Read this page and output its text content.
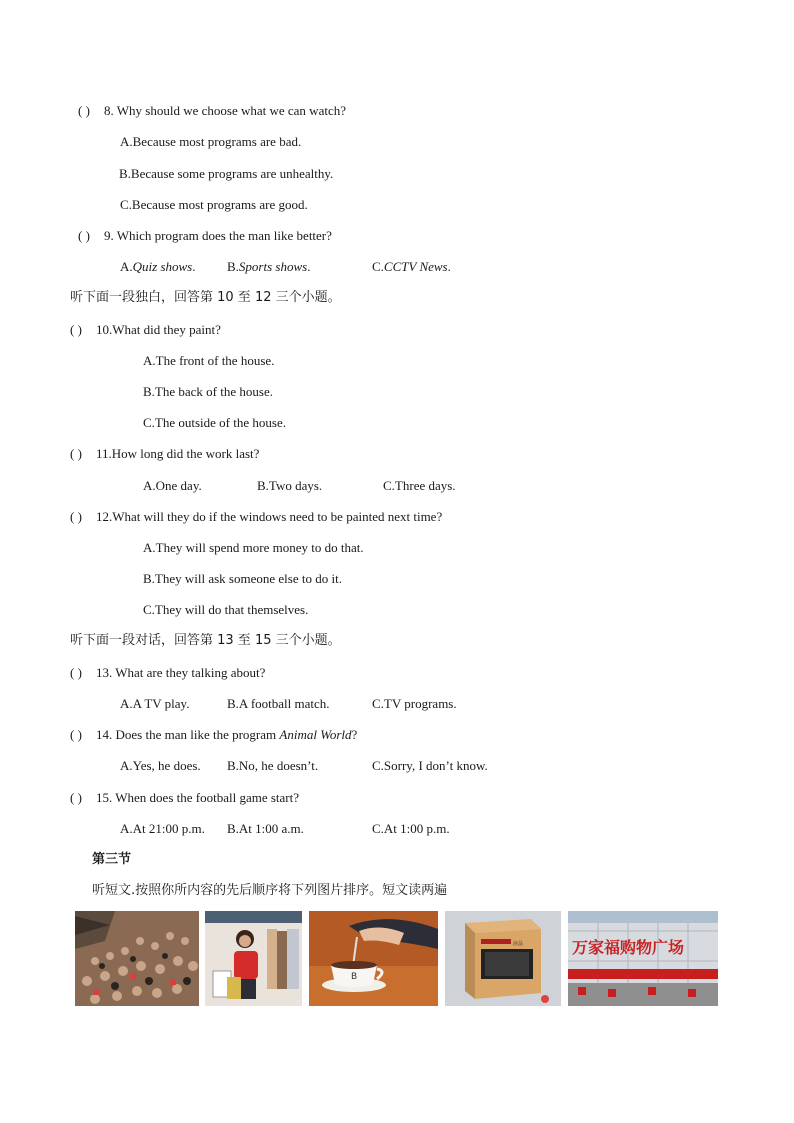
( ) 8. Why should we choose what we can watch?
A.Because most programs are bad.
B.Because some programs are unhealthy.
C.Because most programs are good.
( ) 9. Which program does the man like better?
A.Quiz shows. B.Sports shows.	C.CCTV News.
听下面一段独白，回答第 10 至 12 三个小题。
( ) 10.What did they paint?
A.The front of the house.
B.The back of the house.
C.The outside of the house.
( ) 11.How long did the work last?
A.One day.	B.Two days.	C.Three days.
( ) 12.What will they do if the windows need to be painted next time?
A.They will spend more money to do that.
B.They will ask someone else to do it.
C.They will do that themselves.
听下面一段对话，回答第 13 至 15 三个小题。
( ) 13. What are they talking about?
A.A TV play.	B.A football match.	C.TV programs.
( ) 14. Does the man like the program Animal World?
A.Yes, he does. B.No, he doesn’t.	C.Sorry, I don’t know.
( ) 15. When does the football game start?
A.At 21:00 p.m. B.At 1:00 a.m.	C.At 1:00 p.m.
第三节
听短文.按照你所内容的先后顺序将下列图片排序。短文读两遍
B
液晶	万家福购物广场
